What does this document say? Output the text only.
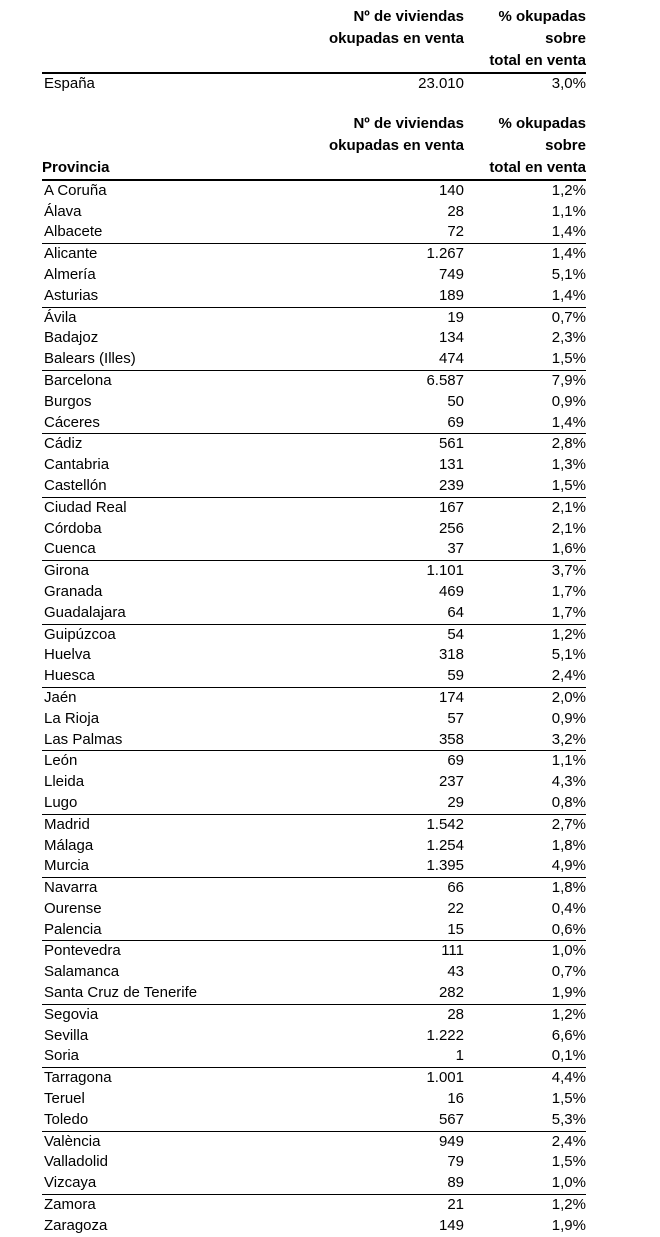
Nº de viviendas
okupadas en venta
% okupadas sobre
total en venta
España	23.010	3,0%
Provincia
Nº de viviendas
okupadas en venta
% okupadas sobre
total en venta
A Coruña	140	1,2%
Álava	28	1,1%
Albacete	72	1,4%
Alicante	1.267	1,4%
Almería	749	5,1%
Asturias	189	1,4%
Ávila	19	0,7%
Badajoz	134	2,3%
Balears (Illes)	474	1,5%
Barcelona	6.587	7,9%
Burgos	50	0,9%
Cáceres	69	1,4%
Cádiz	561	2,8%
Cantabria	131	1,3%
Castellón	239	1,5%
Ciudad Real	167	2,1%
Córdoba	256	2,1%
Cuenca	37	1,6%
Girona	1.101	3,7%
Granada	469	1,7%
Guadalajara	64	1,7%
Guipúzcoa	54	1,2%
Huelva	318	5,1%
Huesca	59	2,4%
Jaén	174	2,0%
La Rioja	57	0,9%
Las Palmas	358	3,2%
León	69	1,1%
Lleida	237	4,3%
Lugo	29	0,8%
Madrid	1.542	2,7%
Málaga	1.254	1,8%
Murcia	1.395	4,9%
Navarra	66	1,8%
Ourense	22	0,4%
Palencia	15	0,6%
Pontevedra	111	1,0%
Salamanca	43	0,7%
Santa Cruz de Tenerife	282	1,9%
Segovia	28	1,2%
Sevilla	1.222	6,6%
Soria	1	0,1%
Tarragona	1.001	4,4%
Teruel	16	1,5%
Toledo	567	5,3%
València	949	2,4%
Valladolid	79	1,5%
Vizcaya	89	1,0%
Zamora	21	1,2%
Zaragoza	149	1,9%
